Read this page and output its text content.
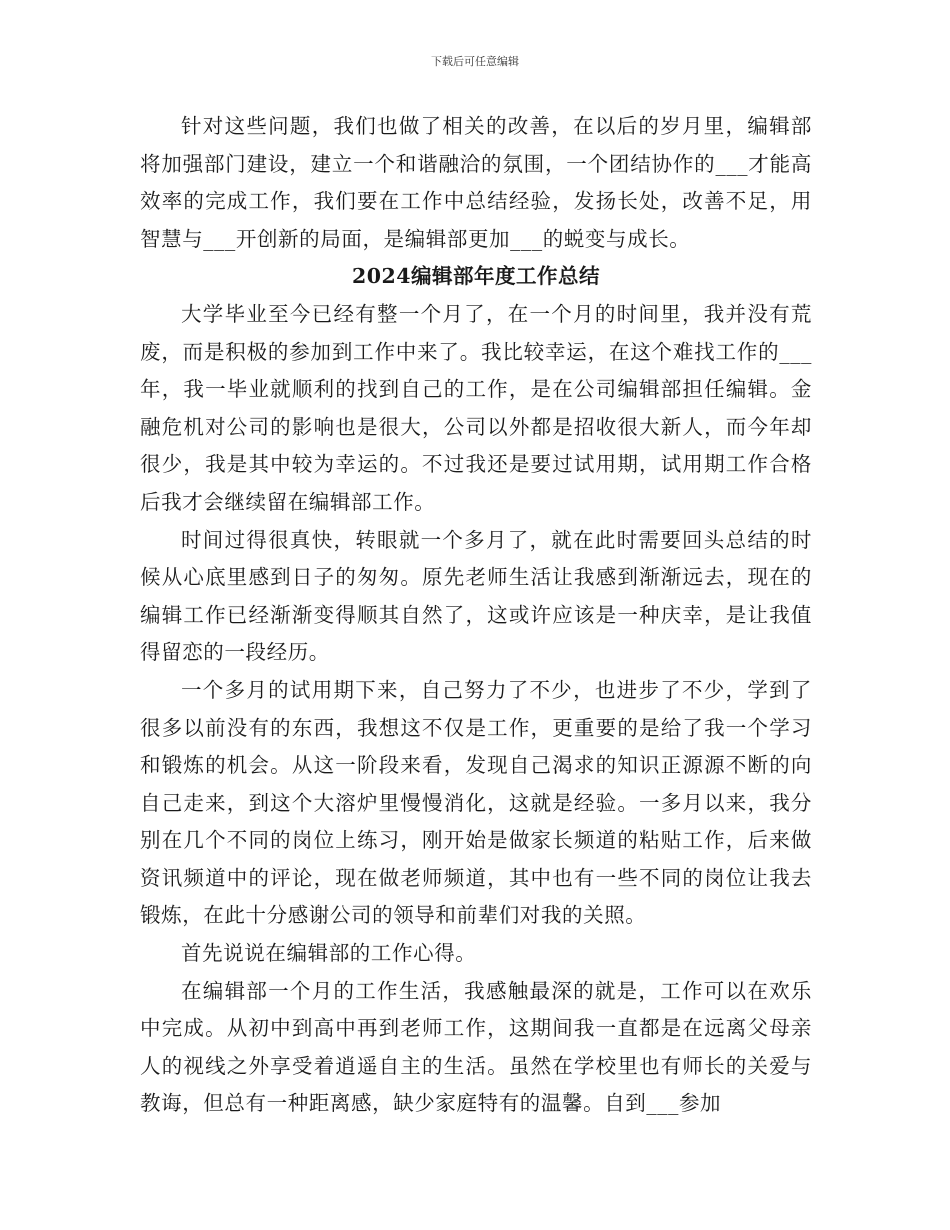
下载后可任意编辑

针对这些问题，我们也做了相关的改善，在以后的岁月里，编辑部将加强部门建设，建立一个和谐融洽的氛围，一个团结协作的___才能高效率的完成工作，我们要在工作中总结经验，发扬长处，改善不足，用智慧与___开创新的局面，是编辑部更加___的蜕变与成长。

2024编辑部年度工作总结

大学毕业至今已经有整一个月了，在一个月的时间里，我并没有荒废，而是积极的参加到工作中来了。我比较幸运，在这个难找工作的___年，我一毕业就顺利的找到自己的工作，是在公司编辑部担任编辑。金融危机对公司的影响也是很大，公司以外都是招收很大新人，而今年却很少，我是其中较为幸运的。不过我还是要过试用期，试用期工作合格后我才会继续留在编辑部工作。

时间过得很真快，转眼就一个多月了，就在此时需要回头总结的时候从心底里感到日子的匆匆。原先老师生活让我感到渐渐远去，现在的编辑工作已经渐渐变得顺其自然了，这或许应该是一种庆幸，是让我值得留恋的一段经历。

一个多月的试用期下来，自己努力了不少，也进步了不少，学到了很多以前没有的东西，我想这不仅是工作，更重要的是给了我一个学习和锻炼的机会。从这一阶段来看，发现自己渴求的知识正源源不断的向自己走来，到这个大溶炉里慢慢消化，这就是经验。一多月以来，我分别在几个不同的岗位上练习，刚开始是做家长频道的粘贴工作，后来做资讯频道中的评论，现在做老师频道，其中也有一些不同的岗位让我去锻炼，在此十分感谢公司的领导和前辈们对我的关照。

首先说说在编辑部的工作心得。

在编辑部一个月的工作生活，我感触最深的就是，工作可以在欢乐中完成。从初中到高中再到老师工作，这期间我一直都是在远离父母亲人的视线之外享受着逍遥自主的生活。虽然在学校里也有师长的关爱与教诲，但总有一种距离感，缺少家庭特有的温馨。自到___参加
